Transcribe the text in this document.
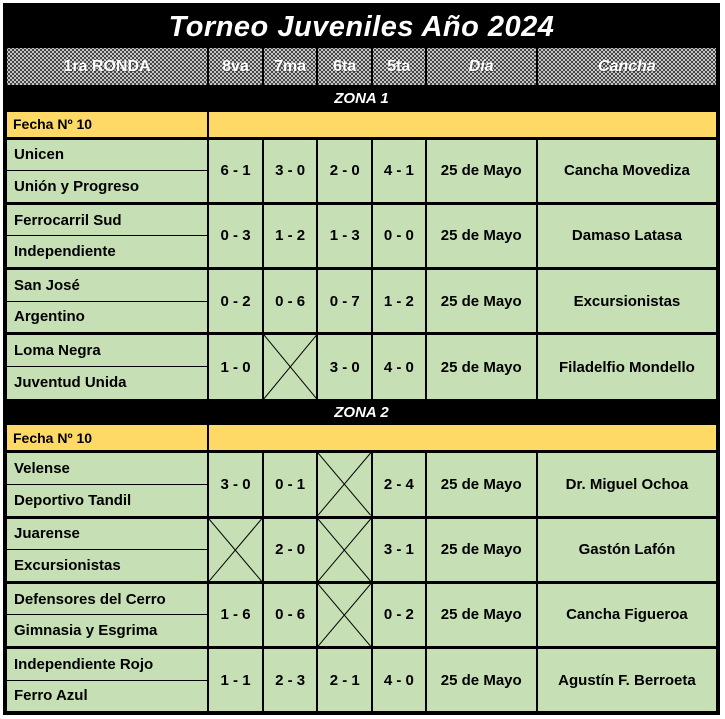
Torneo Juveniles Año 2024						
1ra RONDA	8va	7ma	6ta	5ta	Día	Cancha
ZONA 1						
Fecha Nº 10						
Unicen	6 - 1	3 - 0	2 - 0	4 - 1	25 de Mayo	Cancha Movediza
Unión y Progreso						
Ferrocarril Sud	0 - 3	1 - 2	1 - 3	0 - 0	25 de Mayo	Damaso Latasa
Independiente						
San José	0 - 2	0 - 6	0 - 7	1 - 2	25 de Mayo	Excursionistas
Argentino						
Loma Negra	1 - 0		3 - 0	4 - 0	25 de Mayo	Filadelfio Mondello
Juventud Unida						
ZONA 2						
Fecha Nº 10						
Velense	3 - 0	0 - 1		2 - 4	25 de Mayo	Dr. Miguel Ochoa
Deportivo Tandil						
Juarense		2 - 0		3 - 1	25 de Mayo	Gastón Lafón
Excursionistas						
Defensores del Cerro	1 - 6	0 - 6		0 - 2	25 de Mayo	Cancha Figueroa
Gimnasia y Esgrima						
Independiente Rojo	1 - 1	2 - 3	2 - 1	4 - 0	25 de Mayo	Agustín F. Berroeta
Ferro Azul						
